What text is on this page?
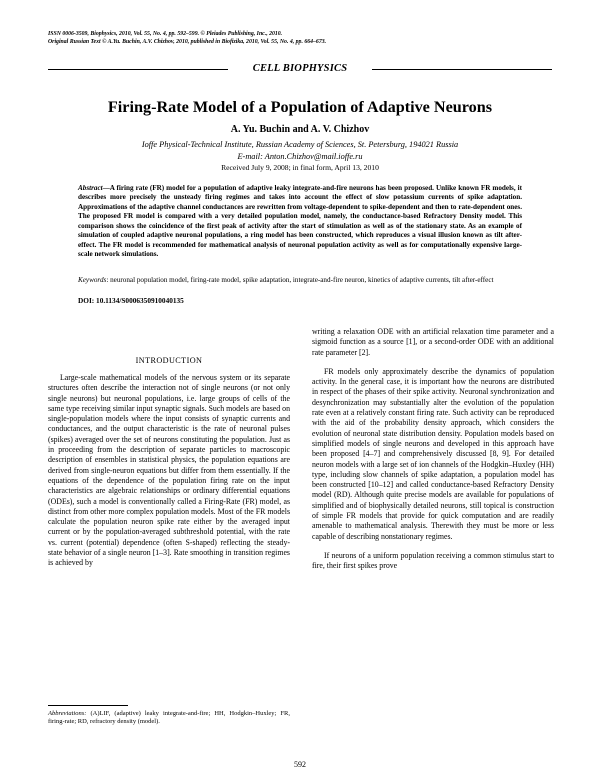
ISSN 0006-3509, Biophysics, 2010, Vol. 55, No. 4, pp. 592–599. © Pleiades Publishing, Inc., 2010.
Original Russian Text © A.Yu. Buchin, A.V. Chizhov, 2010, published in Biofizika, 2010, Vol. 55, No. 4, pp. 664–673.
CELL BIOPHYSICS
Firing-Rate Model of a Population of Adaptive Neurons
A. Yu. Buchin and A. V. Chizhov
Ioffe Physical-Technical Institute, Russian Academy of Sciences, St. Petersburg, 194021 Russia
E-mail: Anton.Chizhov@mail.ioffe.ru
Received July 9, 2008; in final form, April 13, 2010
Abstract—A firing rate (FR) model for a population of adaptive leaky integrate-and-fire neurons has been proposed. Unlike known FR models, it describes more precisely the unsteady firing regimes and takes into account the effect of slow potassium currents of spike adaptation. Approximations of the adaptive channel conductances are rewritten from voltage-dependent to spike-dependent and then to rate-dependent ones. The proposed FR model is compared with a very detailed population model, namely, the conductance-based Refractory Density model. This comparison shows the coincidence of the first peak of activity after the start of stimulation as well as of the stationary state. As an example of simulation of coupled adaptive neuronal populations, a ring model has been constructed, which reproduces a visual illusion known as tilt after-effect. The FR model is recommended for mathematical analysis of neuronal population activity as well as for computationally expensive large-scale network simulations.
Keywords: neuronal population model, firing-rate model, spike adaptation, integrate-and-fire neuron, kinetics of adaptive currents, tilt after-effect
DOI: 10.1134/S0006350910040135
INTRODUCTION

Large-scale mathematical models of the nervous system or its separate structures often describe the interaction not of single neurons (or not only single neurons) but neuronal populations, i.e. large groups of cells of the same type receiving similar input synaptic signals. Such models are based on single-population models where the input consists of synaptic currents and conductances, and the output characteristic is the rate of neuronal pulses (spikes) averaged over the set of neurons constituting the population. Just as in proceeding from the description of separate particles to macroscopic description of ensembles in statistical physics, the population equations are derived from single-neuron equations but differ from them essentially. If the equations of the dependence of the population firing rate on the input characteristics are algebraic relationships or ordinary differential equations (ODEs), such a model is conventionally called a Firing-Rate (FR) model, as distinct from other more complex population models. Most of the FR models calculate the population neuron spike rate either by the averaged input current or by the population-averaged subthreshold potential, with the rate vs. current (potential) dependence (often S-shaped) reflecting the steady-state behavior of a single neuron [1–3]. Rate smoothing in transition regimes is achieved by

writing a relaxation ODE with an artificial relaxation time parameter and a sigmoid function as a source [1], or a second-order ODE with an additional rate parameter [2].

FR models only approximately describe the dynamics of population activity. In the general case, it is important how the neurons are distributed in respect of the phases of their spike activity. Neuronal synchronization and desynchronization may substantially alter the evolution of the population rate even at a relatively constant firing rate. Such activity can be reproduced with the aid of the probability density approach, which considers the evolution of neuronal state distribution density. Population models based on simplified models of single neurons and developed in this approach have been proposed [4–7] and comprehensively discussed [8, 9]. For detailed neuron models with a large set of ion channels of the Hodgkin–Huxley (HH) type, including slow channels of spike adaptation, a population model has been constructed [10–12] and called conductance-based Refractory Density model (RD). Although quite precise models are available for populations of simplified and of biophysically detailed neurons, still topical is construction of simple FR models that provide for quick computation and are readily amenable to mathematical analysis. Therewith they must be more or less capable of describing nonstationary regimes.

If neurons of a uniform population receiving a common stimulus start to fire, their first spikes prove

Abbreviations: (A)LIF, (adaptive) leaky integrate-and-fire; HH, Hodgkin–Huxley; FR, firing-rate; RD, refractory density (model).
592
